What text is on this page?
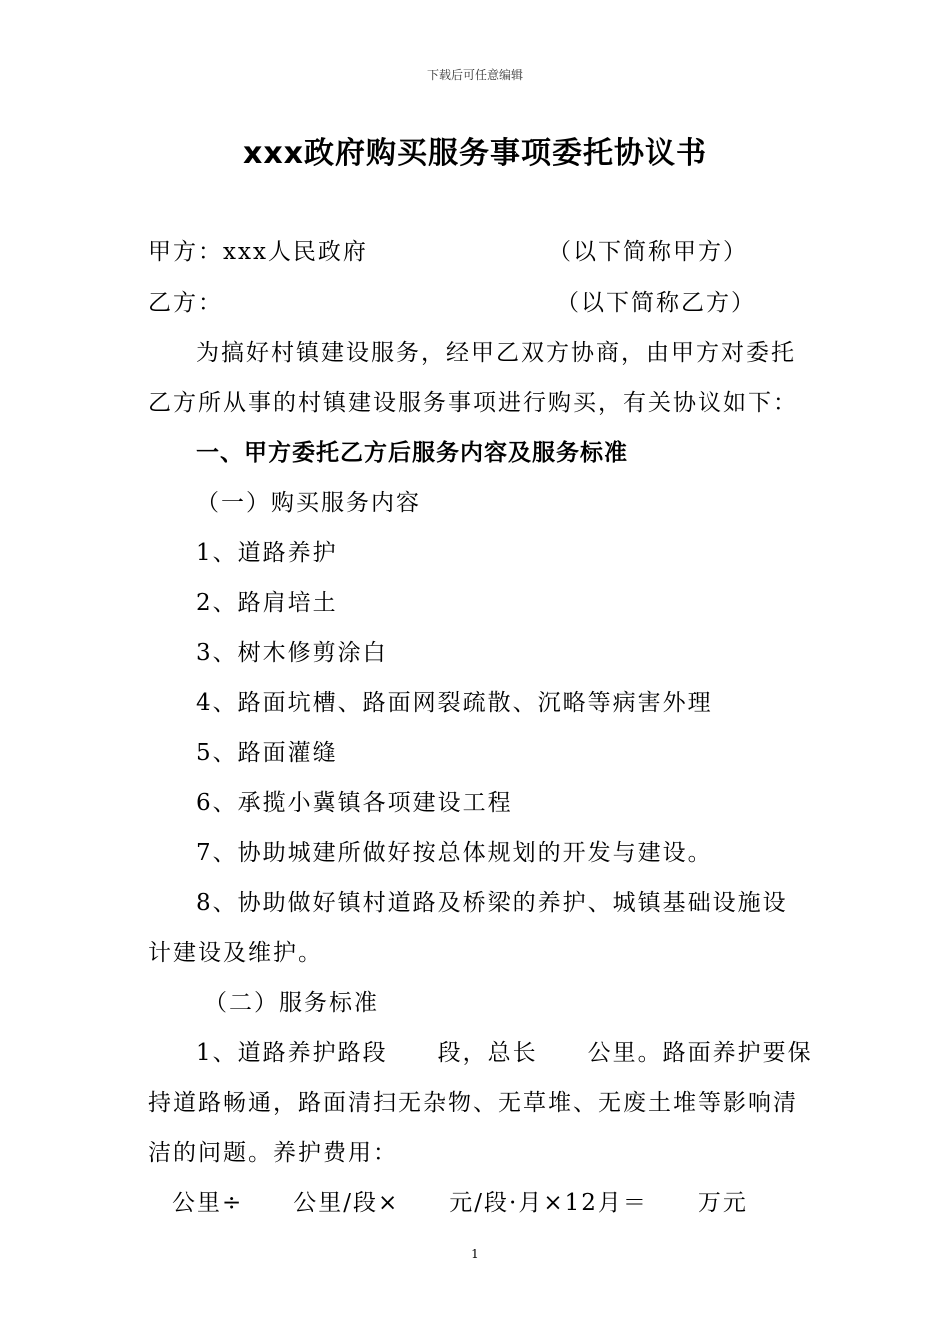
下载后可任意编辑
xxx政府购买服务事项委托协议书
甲方：xxx人民政府	（以下简称甲方）
乙方：	（以下简称乙方）
为搞好村镇建设服务，经甲乙双方协商，由甲方对委托
乙方所从事的村镇建设服务事项进行购买，有关协议如下：
一、甲方委托乙方后服务内容及服务标准
（一）购买服务内容
1、道路养护
2、路肩培土
3、树木修剪涂白
4、路面坑槽、路面网裂疏散、沉略等病害外理
5、路面灌缝
6、承揽小冀镇各项建设工程
7、协助城建所做好按总体规划的开发与建设。
8、协助做好镇村道路及桥梁的养护、城镇基础设施设
计建设及维护。
（二）服务标准
1、道路养护路段　　段，总长　　公里。路面养护要保
持道路畅通，路面清扫无杂物、无草堆、无废土堆等影响清
洁的问题。养护费用：
公里÷　　公里/段×　　元/段·月×12月＝　　万元
1
